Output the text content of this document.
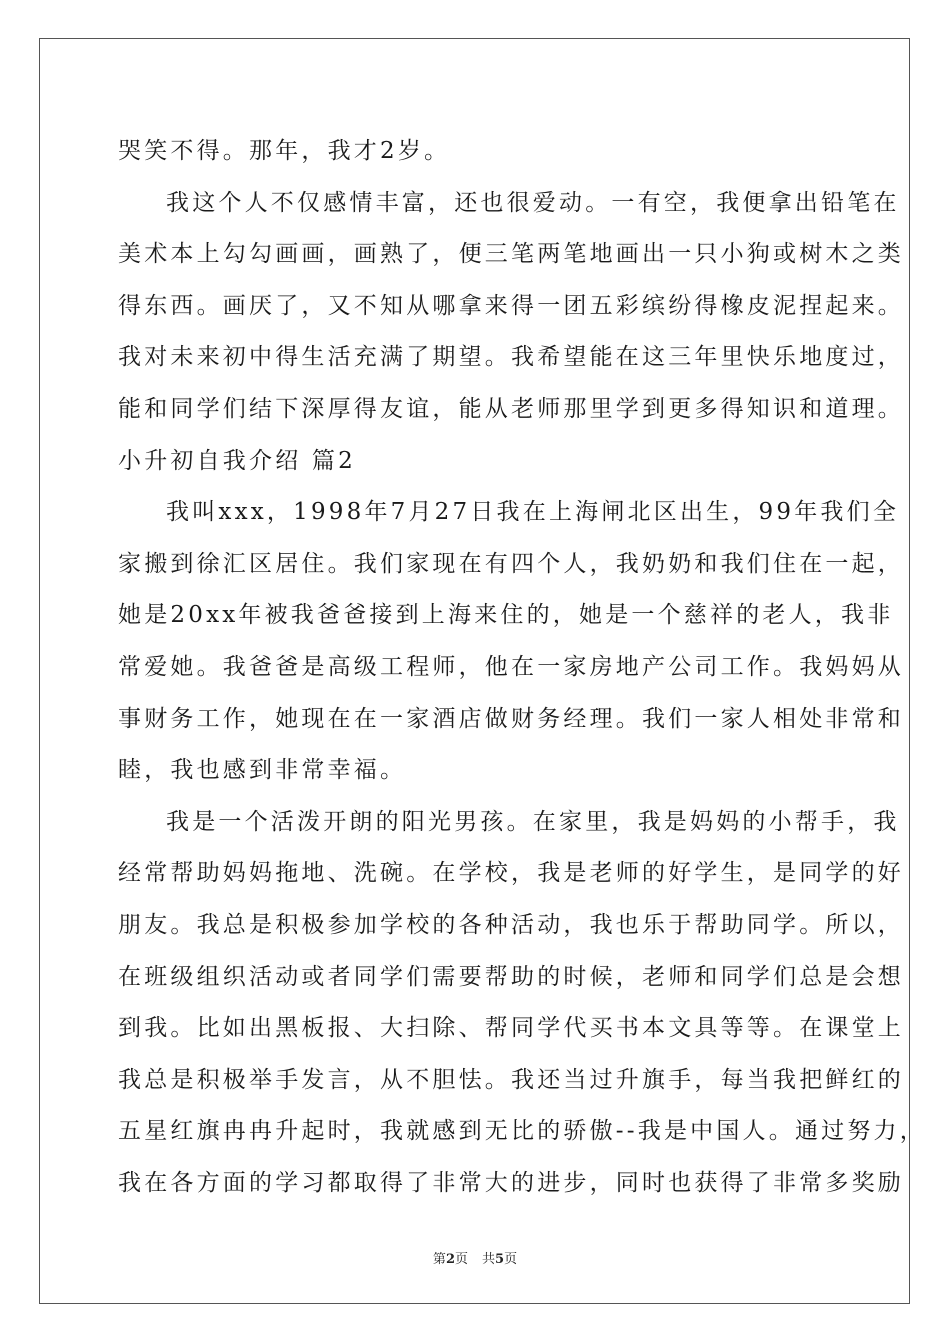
哭笑不得。那年，我才2岁。
我这个人不仅感情丰富，还也很爱动。一有空，我便拿出铅笔在
美术本上勾勾画画，画熟了，便三笔两笔地画出一只小狗或树木之类
得东西。画厌了，又不知从哪拿来得一团五彩缤纷得橡皮泥捏起来。
我对未来初中得生活充满了期望。我希望能在这三年里快乐地度过，
能和同学们结下深厚得友谊，能从老师那里学到更多得知识和道理。
小升初自我介绍 篇2
我叫xxx，1998年7月27日我在上海闸北区出生，99年我们全
家搬到徐汇区居住。我们家现在有四个人，我奶奶和我们住在一起，
她是20xx年被我爸爸接到上海来住的，她是一个慈祥的老人，我非
常爱她。我爸爸是高级工程师，他在一家房地产公司工作。我妈妈从
事财务工作，她现在在一家酒店做财务经理。我们一家人相处非常和
睦，我也感到非常幸福。
我是一个活泼开朗的阳光男孩。在家里，我是妈妈的小帮手，我
经常帮助妈妈拖地、洗碗。在学校，我是老师的好学生，是同学的好
朋友。我总是积极参加学校的各种活动，我也乐于帮助同学。所以，
在班级组织活动或者同学们需要帮助的时候，老师和同学们总是会想
到我。比如出黑板报、大扫除、帮同学代买书本文具等等。在课堂上
我总是积极举手发言，从不胆怯。我还当过升旗手，每当我把鲜红的
五星红旗冉冉升起时，我就感到无比的骄傲--我是中国人。通过努力，
我在各方面的学习都取得了非常大的进步，同时也获得了非常多奖励
第2页 共5页
